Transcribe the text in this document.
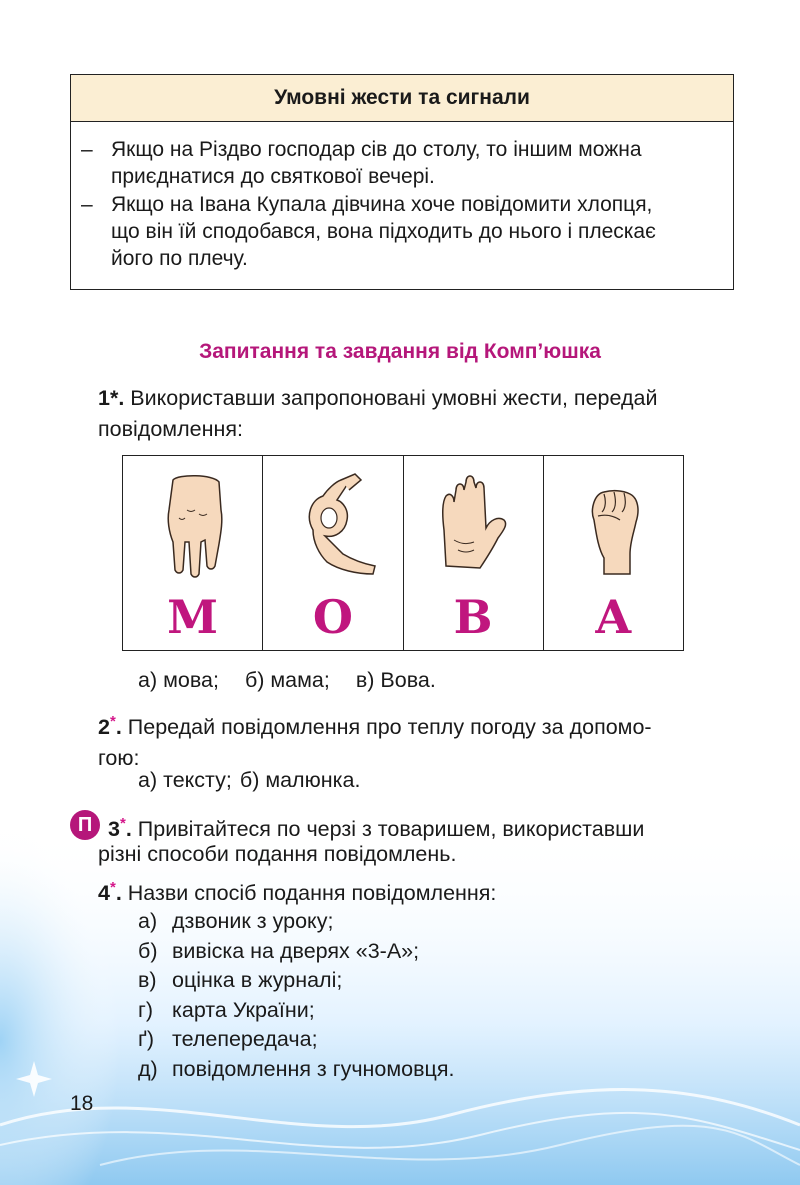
Умовні жести та сигнали
– Якщо на Різдво господар сів до столу, то іншим можна
приєднатися до святкової вечері.
– Якщо на Івана Купала дівчина хоче повідомити хлопця,
що він їй сподобався, вона підходить до нього і плескає
його по плечу.
Запитання та завдання від Комп’юшка
1*. Використавши запропоновані умовні жести, передай
повідомлення:
М	О	В	А
а) мова; б) мама; в) Вова.
2*. Передай повідомлення про теплу погоду за допомо-
гою:
а) тексту; б) малюнка.
П 3*. Привітайтеся по черзі з товаришем, використавши
різні способи подання повідомлень.
4*. Назви спосіб подання повідомлення:
а) дзвоник з уроку;
б) вивіска на дверях «3-А»;
в) оцінка в журналі;
г) карта України;
ґ) телепередача;
д) повідомлення з гучномовця.
18
